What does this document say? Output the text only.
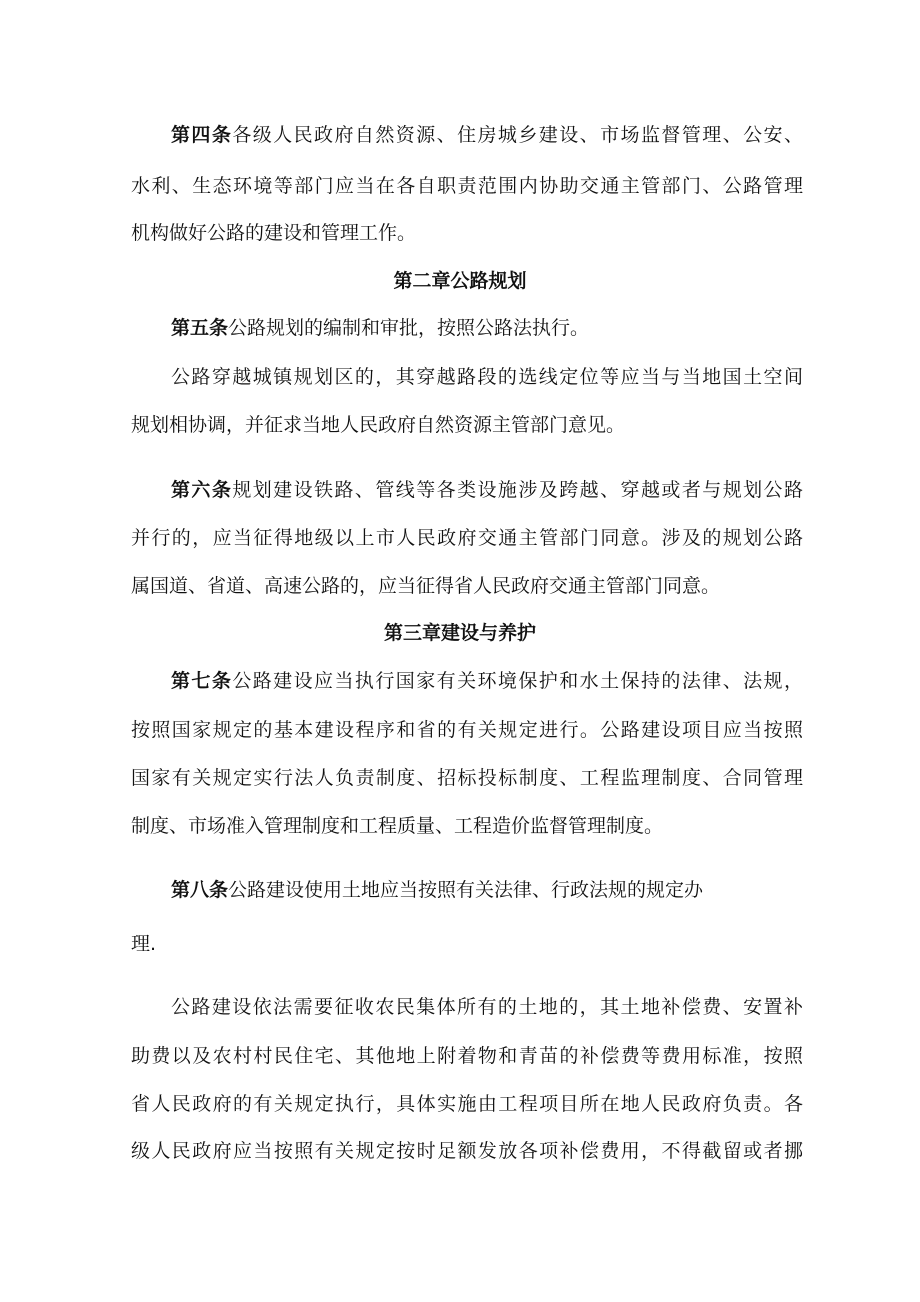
第四条各级人民政府自然资源、住房城乡建设、市场监督管理、公安、
水利、生态环境等部门应当在各自职责范围内协助交通主管部门、公路管理
机构做好公路的建设和管理工作。
第二章公路规划
第五条公路规划的编制和审批，按照公路法执行。
公路穿越城镇规划区的，其穿越路段的选线定位等应当与当地国土空间
规划相协调，并征求当地人民政府自然资源主管部门意见。
第六条规划建设铁路、管线等各类设施涉及跨越、穿越或者与规划公路
并行的，应当征得地级以上市人民政府交通主管部门同意。涉及的规划公路
属国道、省道、高速公路的，应当征得省人民政府交通主管部门同意。
第三章建设与养护
第七条公路建设应当执行国家有关环境保护和水土保持的法律、法规，
按照国家规定的基本建设程序和省的有关规定进行。公路建设项目应当按照
国家有关规定实行法人负责制度、招标投标制度、工程监理制度、合同管理
制度、市场准入管理制度和工程质量、工程造价监督管理制度。
第八条公路建设使用土地应当按照有关法律、行政法规的规定办
理.
公路建设依法需要征收农民集体所有的土地的，其土地补偿费、安置补
助费以及农村村民住宅、其他地上附着物和青苗的补偿费等费用标准，按照
省人民政府的有关规定执行，具体实施由工程项目所在地人民政府负责。各
级人民政府应当按照有关规定按时足额发放各项补偿费用，不得截留或者挪
